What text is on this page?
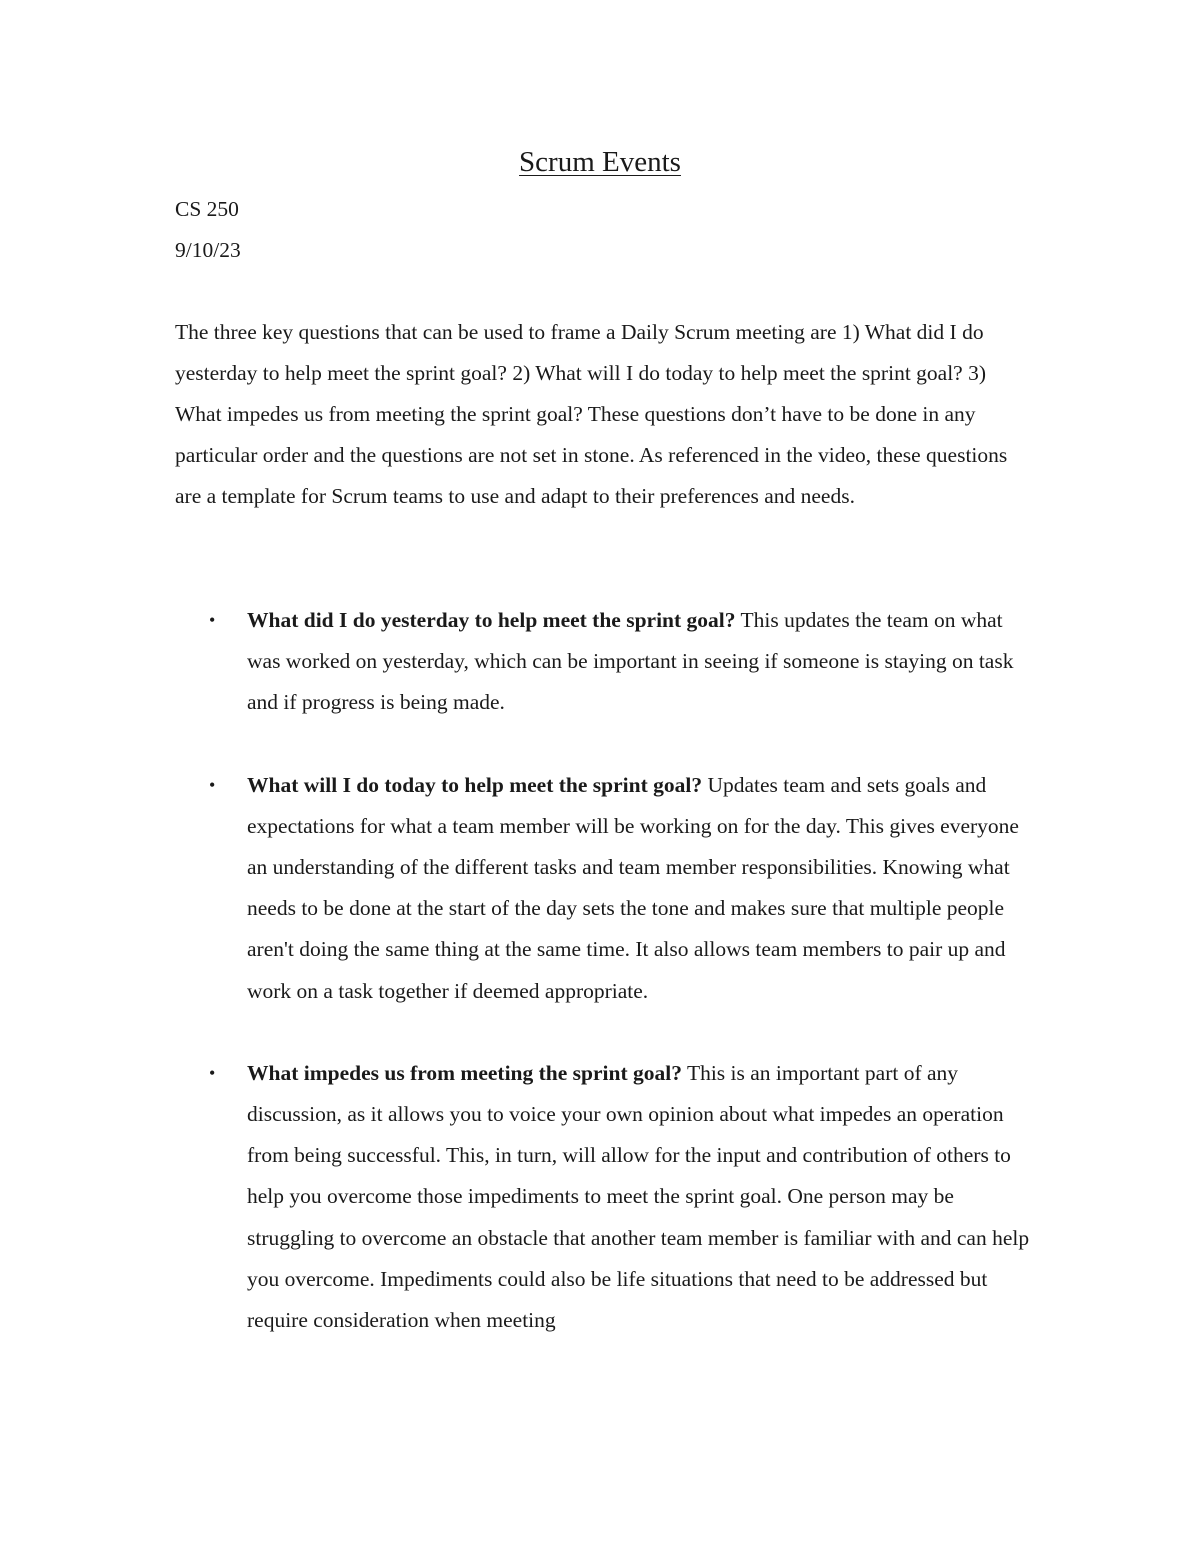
Scrum Events
CS 250
9/10/23

The three key questions that can be used to frame a Daily Scrum meeting are 1) What did I do yesterday to help meet the sprint goal? 2) What will I do today to help meet the sprint goal? 3) What impedes us from meeting the sprint goal? These questions don’t have to be done in any particular order and the questions are not set in stone. As referenced in the video, these questions are a template for Scrum teams to use and adapt to their preferences and needs.

• What did I do yesterday to help meet the sprint goal? This updates the team on what was worked on yesterday, which can be important in seeing if someone is staying on task and if progress is being made.
• What will I do today to help meet the sprint goal? Updates team and sets goals and expectations for what a team member will be working on for the day. This gives everyone an understanding of the different tasks and team member responsibilities. Knowing what needs to be done at the start of the day sets the tone and makes sure that multiple people aren't doing the same thing at the same time. It also allows team members to pair up and work on a task together if deemed appropriate.
• What impedes us from meeting the sprint goal? This is an important part of any discussion, as it allows you to voice your own opinion about what impedes an operation from being successful. This, in turn, will allow for the input and contribution of others to help you overcome those impediments to meet the sprint goal. One person may be struggling to overcome an obstacle that another team member is familiar with and can help you overcome. Impediments could also be life situations that need to be addressed but require consideration when meeting
